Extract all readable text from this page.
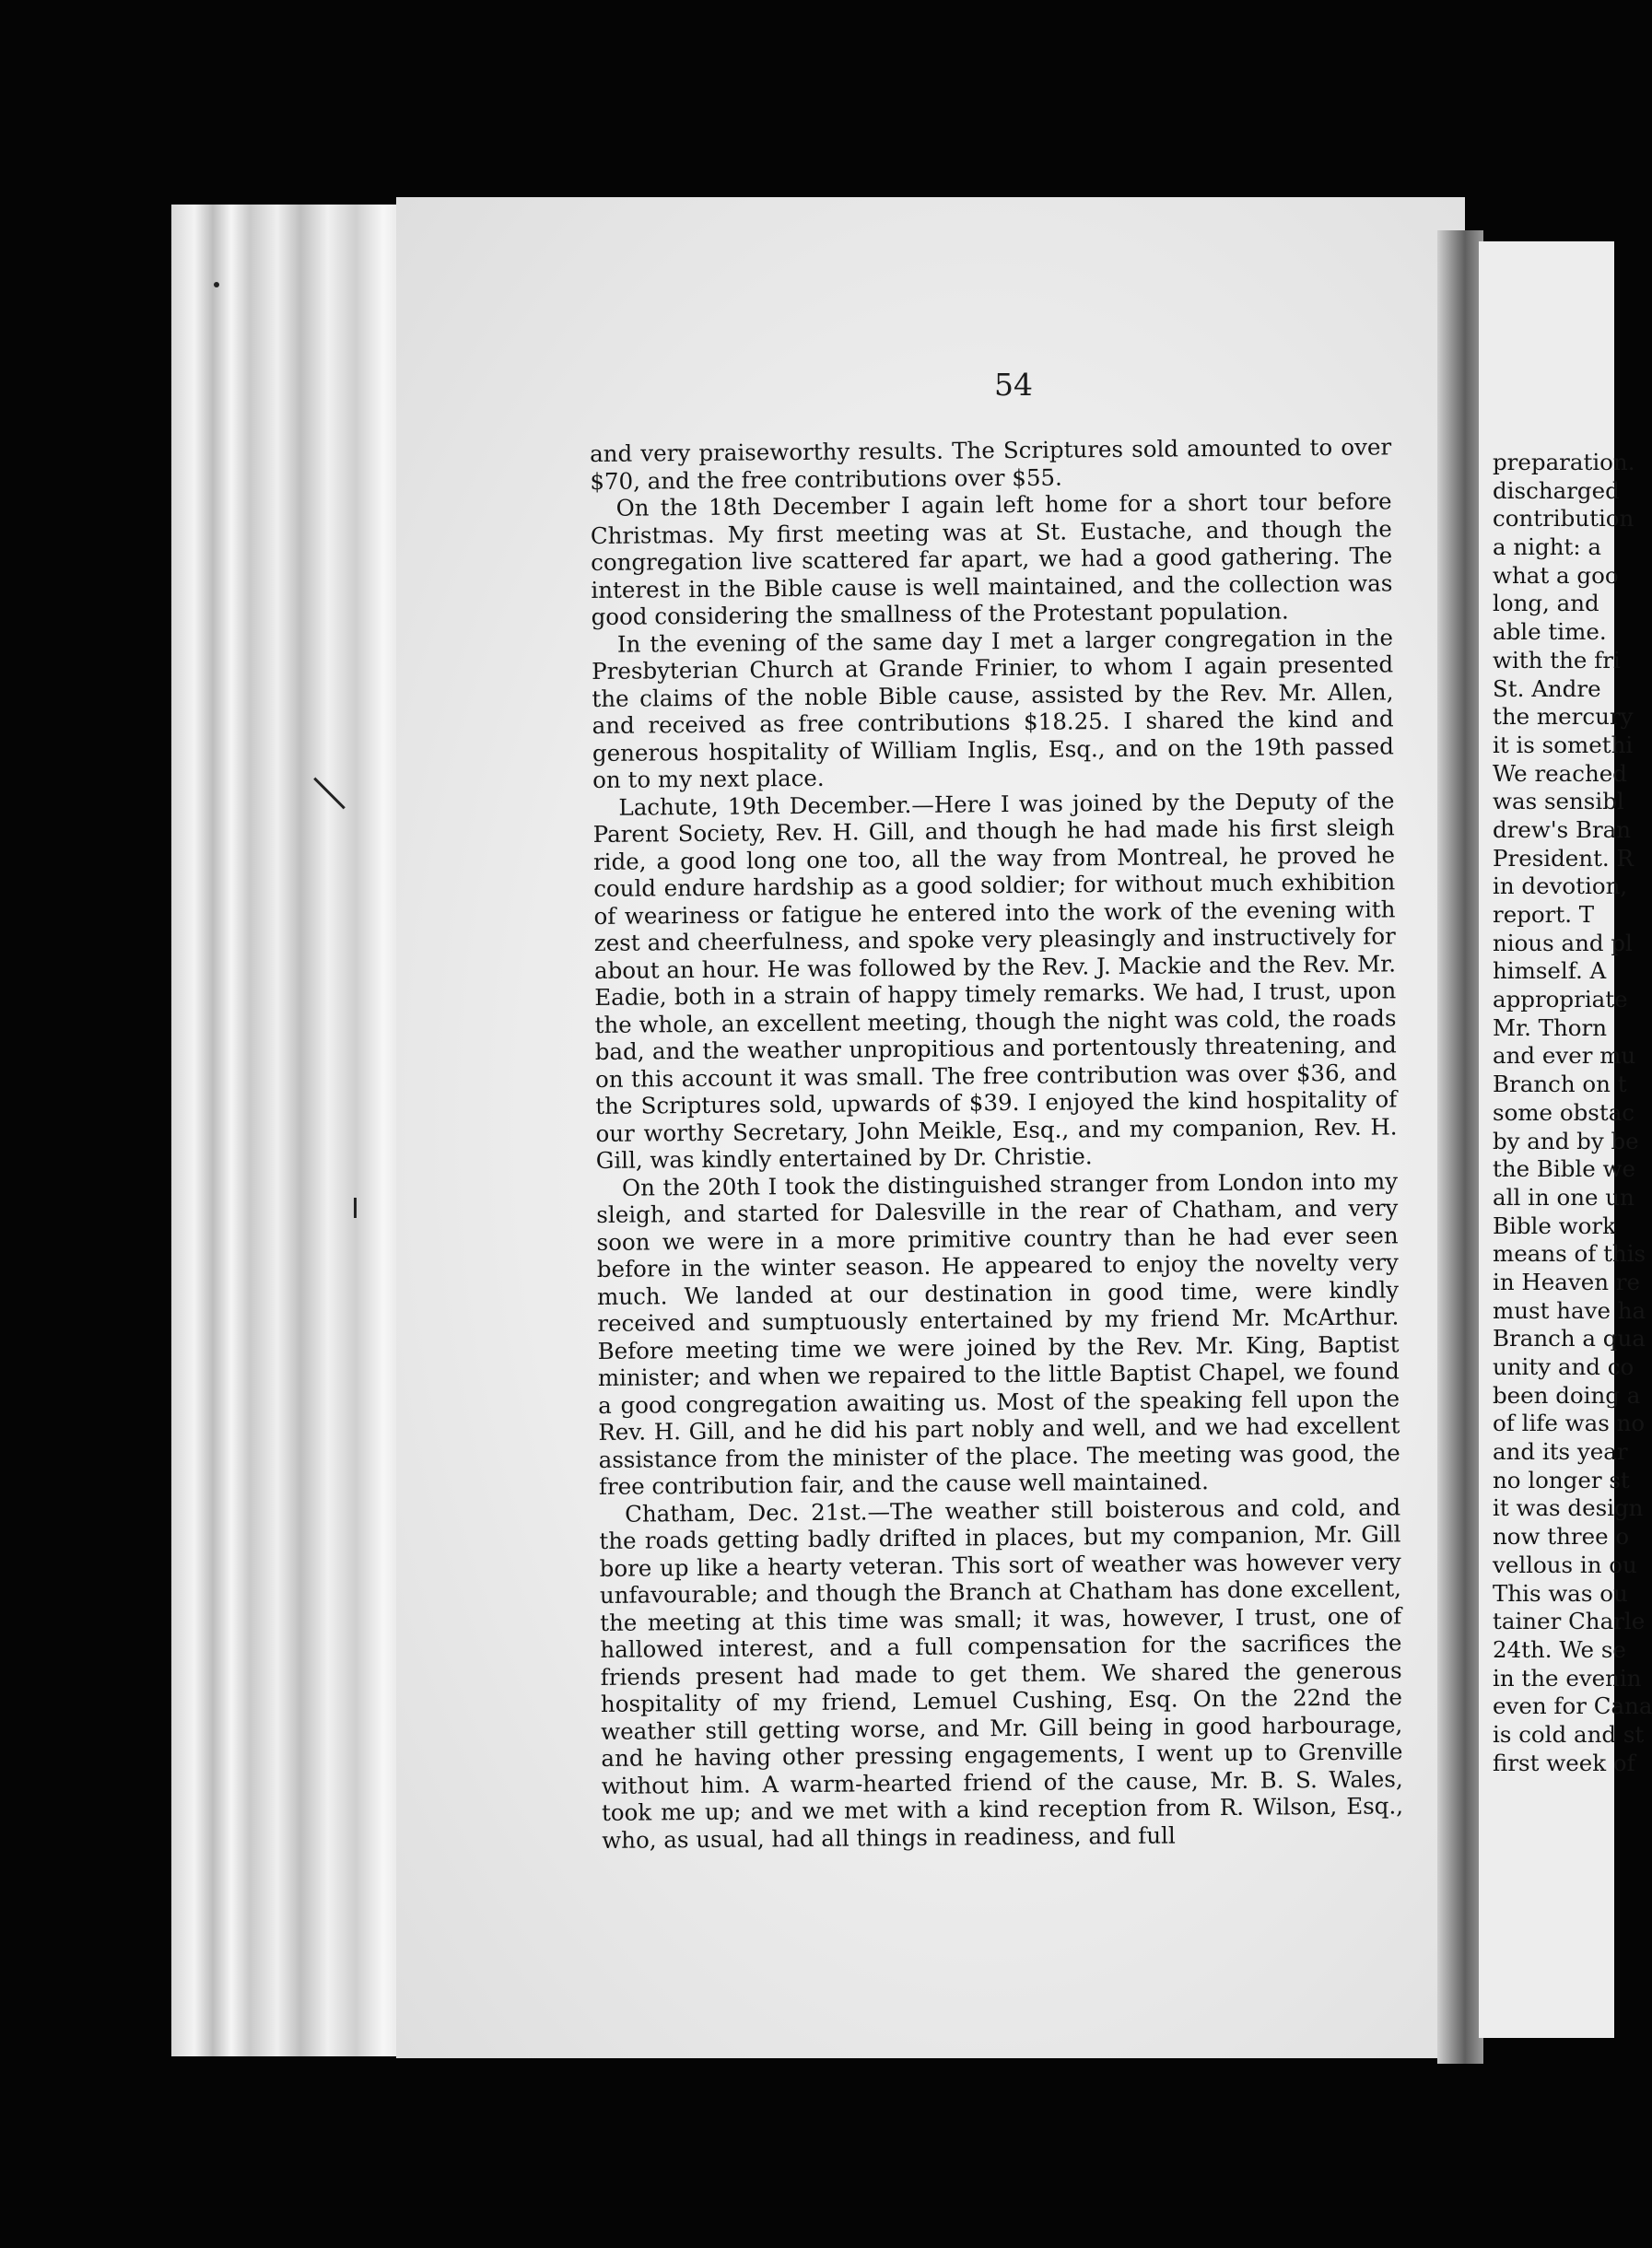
54

and very praiseworthy results. The Scriptures sold amounted to over $70, and the free contributions over $55.

On the 18th December I again left home for a short tour before Christmas. My first meeting was at St. Eustache, and though the congregation live scattered far apart, we had a good gathering. The interest in the Bible cause is well maintained, and the collection was good considering the smallness of the Protestant population.

In the evening of the same day I met a larger congregation in the Presbyterian Church at Grande Frinier, to whom I again presented the claims of the noble Bible cause, assisted by the Rev. Mr. Allen, and received as free contributions $18.25. I shared the kind and generous hospitality of William Inglis, Esq., and on the 19th passed on to my next place.

Lachute, 19th December.—Here I was joined by the Deputy of the Parent Society, Rev. H. Gill, and though he had made his first sleigh ride, a good long one too, all the way from Montreal, he proved he could endure hardship as a good soldier; for without much exhibition of weariness or fatigue he entered into the work of the evening with zest and cheerfulness, and spoke very pleasingly and instructively for about an hour. He was followed by the Rev. J. Mackie and the Rev. Mr. Eadie, both in a strain of happy timely remarks. We had, I trust, upon the whole, an excellent meeting, though the night was cold, the roads bad, and the weather unpropitious and portentously threatening, and on this account it was small. The free contribution was over $36, and the Scriptures sold, upwards of $39. I enjoyed the kind hospitality of our worthy Secretary, John Meikle, Esq., and my companion, Rev. H. Gill, was kindly entertained by Dr. Christie.

On the 20th I took the distinguished stranger from London into my sleigh, and started for Dalesville in the rear of Chatham, and very soon we were in a more primitive country than he had ever seen before in the winter season. He appeared to enjoy the novelty very much. We landed at our destination in good time, were kindly received and sumptuously entertained by my friend Mr. McArthur. Before meeting time we were joined by the Rev. Mr. King, Baptist minister; and when we repaired to the little Baptist Chapel, we found a good congregation awaiting us. Most of the speaking fell upon the Rev. H. Gill, and he did his part nobly and well, and we had excellent assistance from the minister of the place. The meeting was good, the free contribution fair, and the cause well maintained.

Chatham, Dec. 21st.—The weather still boisterous and cold, and the roads getting badly drifted in places, but my companion, Mr. Gill bore up like a hearty veteran. This sort of weather was however very unfavourable; and though the Branch at Chatham has done excellent, the meeting at this time was small; it was, however, I trust, one of hallowed interest, and a full compensation for the sacrifices the friends present had made to get them. We shared the generous hospitality of my friend, Lemuel Cushing, Esq. On the 22nd the weather still getting worse, and Mr. Gill being in good harbourage, and he having other pressing engagements, I went up to Grenville without him. A warm-hearted friend of the cause, Mr. B. S. Wales, took me up; and we met with a kind reception from R. Wilson, Esq., who, as usual, had all things in readiness, and full

preparation.
discharged
contribution
a night: a
what a goo
long, and
able time.
with the fri
St. Andre
the mercury
it is somethi
We reached
was sensibl
drew's Bran
President. R
in devotion,
report. T
nious and pl
himself. A
appropriate
Mr. Thorn
and ever mu
Branch on t
some obstac
by and by be
the Bible we
all in one un
Bible work
means of this
in Heaven re
must have ha
Branch a qua
unity and co
been doing a
of life was no
and its year
no longer st
it was design
now three o
vellous in ou
This was ou
tainer Charle
24th. We se
in the evenin
even for Cana
is cold and st
first week of
